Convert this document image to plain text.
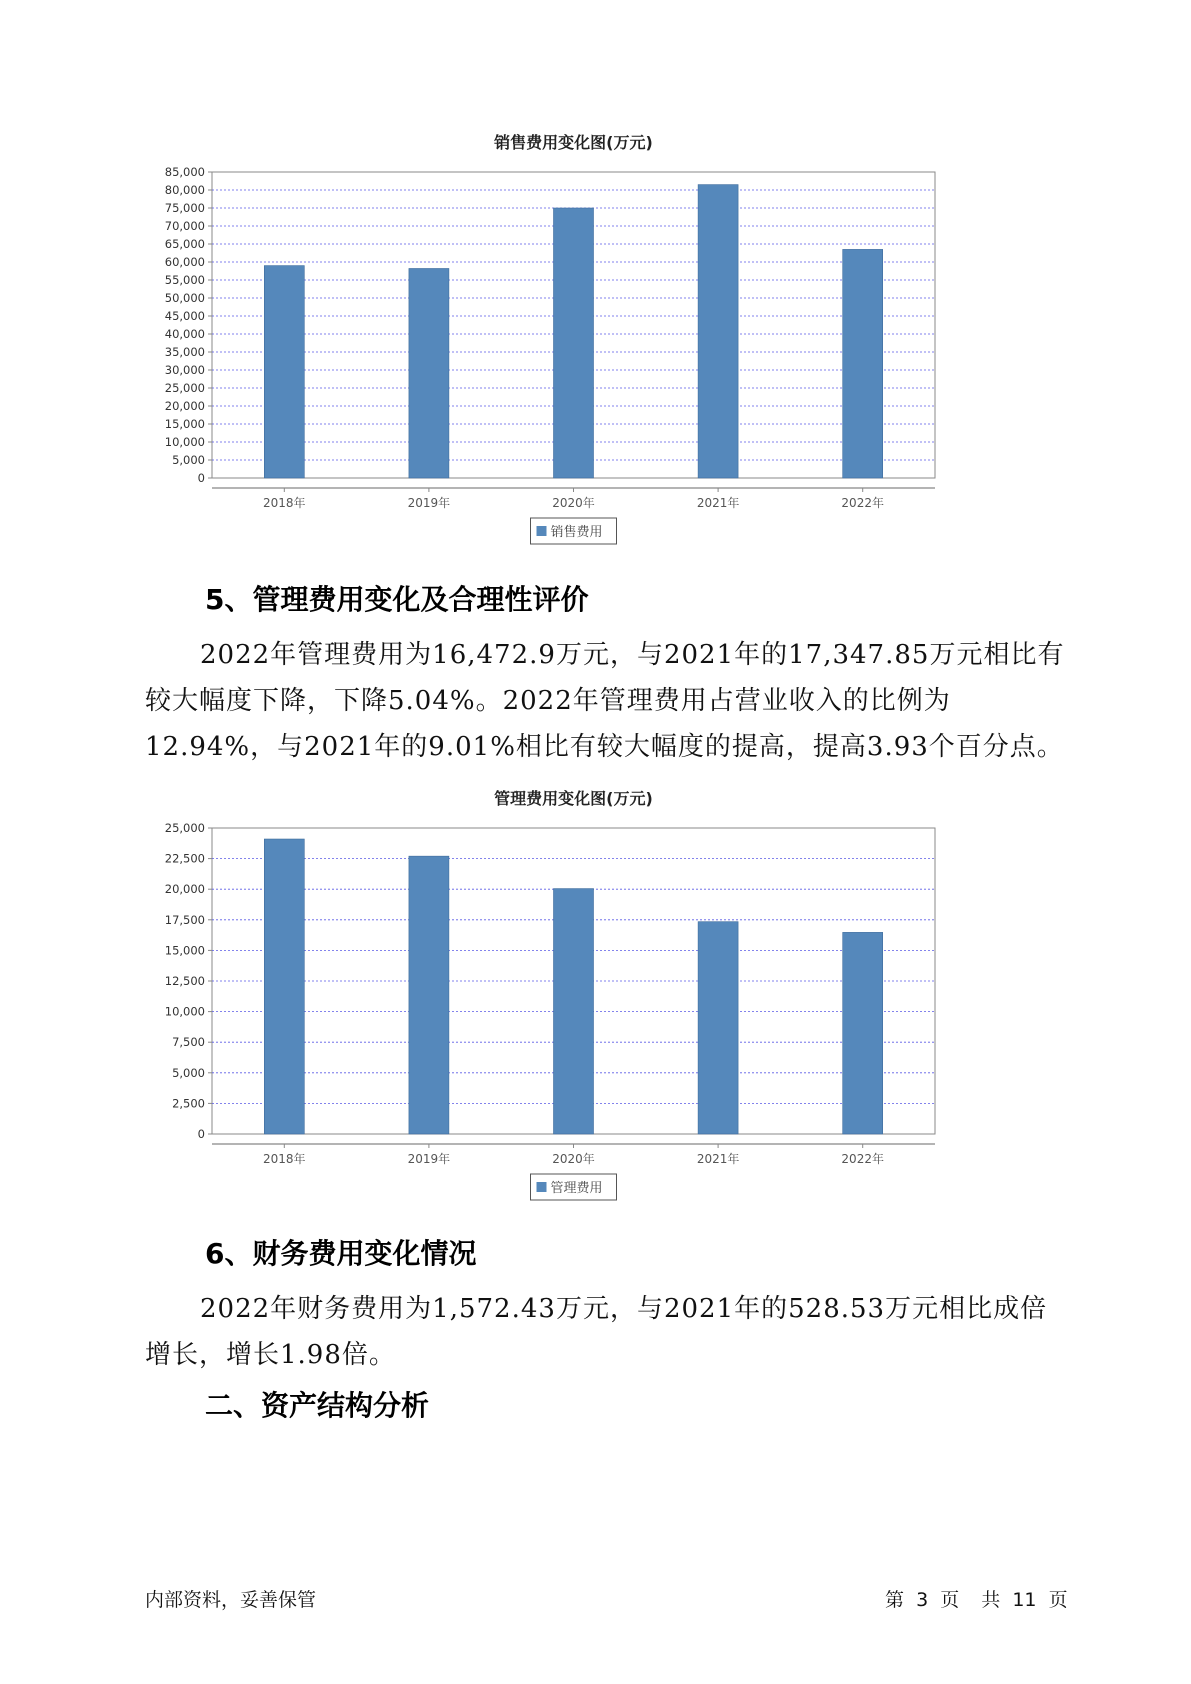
销售费用变化图(万元)
0
5,000
10,000
15,000
20,000
25,000
30,000
35,000
40,000
45,000
50,000
55,000
60,000
65,000
70,000
75,000
80,000
85,000
2018年	2019年	2020年	2021年	2022年
销售费用
5、管理费用变化及合理性评价

2022年管理费用为16,472.9万元，与2021年的17,347.85万元相比有较大幅度下降，下降5.04%。2022年管理费用占营业收入的比例为12.94%，与2021年的9.01%相比有较大幅度的提高，提高3.93个百分点。

管理费用变化图(万元)
0
2,500
5,000
7,500
10,000
12,500
15,000
17,500
20,000
22,500
25,000
2018年	2019年	2020年	2021年	2022年
管理费用
6、财务费用变化情况

2022年财务费用为1,572.43万元，与2021年的528.53万元相比成倍增长，增长1.98倍。

二、资产结构分析
内部资料，妥善保管	第 3 页 共 11 页
